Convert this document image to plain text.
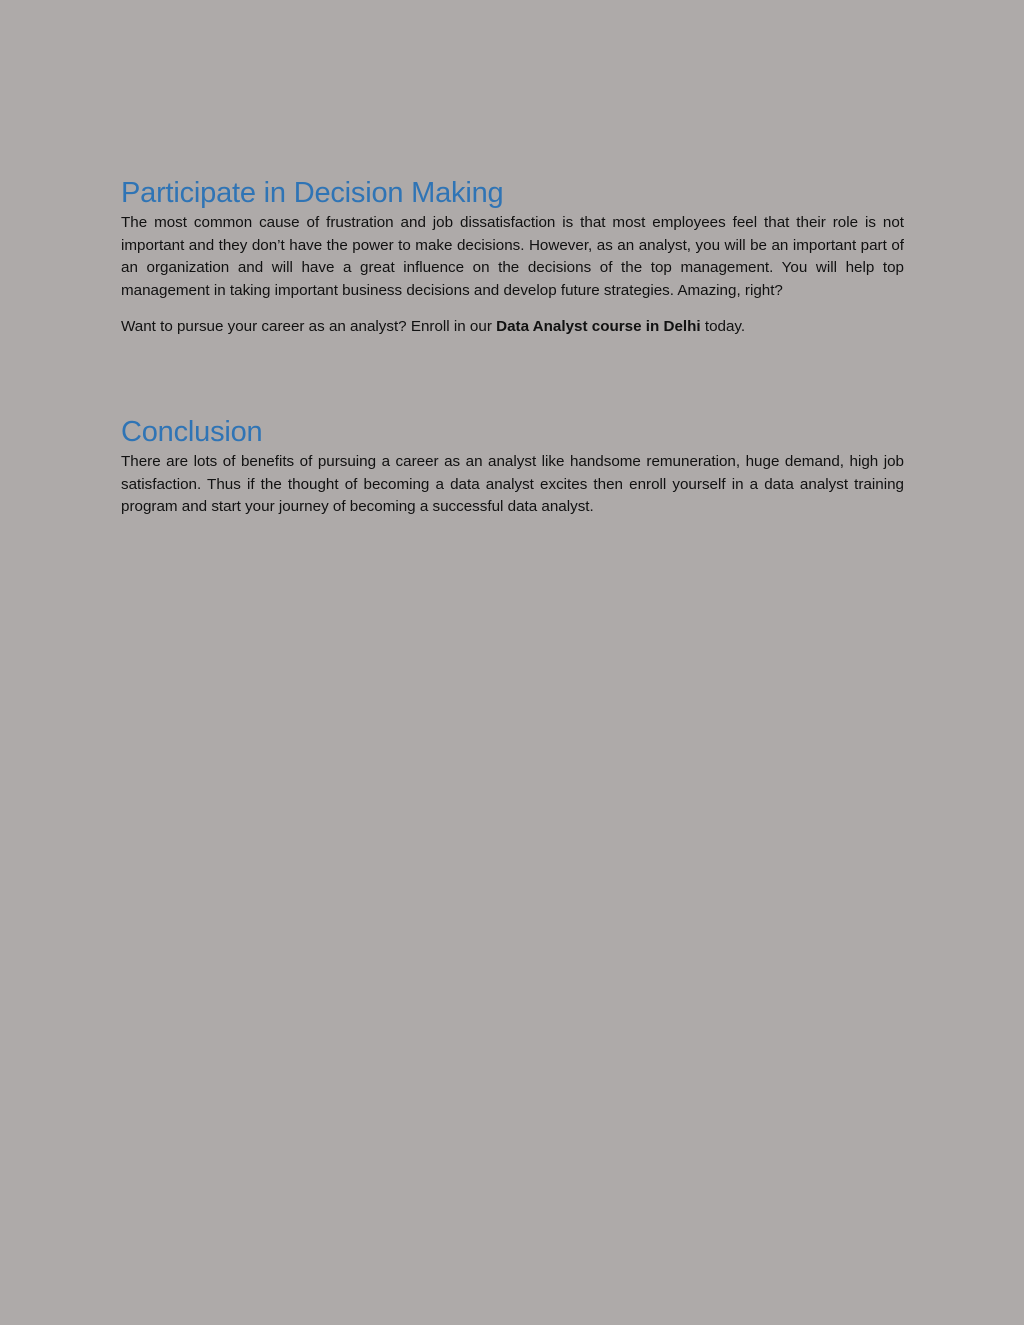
Participate in Decision Making

The most common cause of frustration and job dissatisfaction is that most employees feel that their role is not important and they don’t have the power to make decisions. However, as an analyst, you will be an important part of an organization and will have a great influence on the decisions of the top management. You will help top management in taking important business decisions and develop future strategies. Amazing, right?

Want to pursue your career as an analyst? Enroll in our Data Analyst course in Delhi today.

Conclusion

There are lots of benefits of pursuing a career as an analyst like handsome remuneration, huge demand, high job satisfaction. Thus if the thought of becoming a data analyst excites then enroll yourself in a data analyst training program and start your journey of becoming a successful data analyst.
